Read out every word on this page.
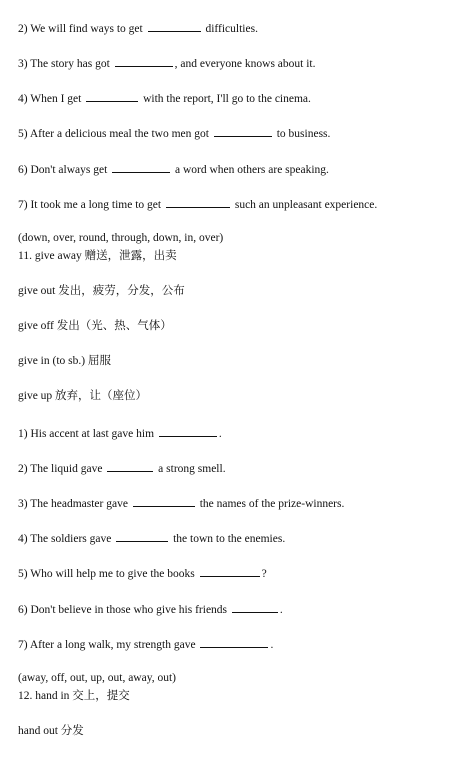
2) We will find ways to get	difficulties.
3) The story has got	, and everyone knows about it.
4) When I get	with the report, I'll go to the cinema.
5) After a delicious meal the two men got	to business.
6) Don't always get	a word when others are speaking.
7) It took me a long time to get	such an unpleasant experience.
(down, over, round, through, down, in, over)
11. give away 赠送，泄露，出卖
give out 发出，疲劳，分发，公布
give off 发出（光、热、气体）
give in (to sb.) 屈服
give up 放弃，让（座位）
1) His accent at last gave him	.
2) The liquid gave	a strong smell.
3) The headmaster gave	the names of the prize-winners.
4) The soldiers gave	the town to the enemies.
5) Who will help me to give the books	?
6) Don't believe in those who give his friends	.
7) After a long walk, my strength gave	.
(away, off, out, up, out, away, out)
12. hand in 交上，提交
hand out 分发
